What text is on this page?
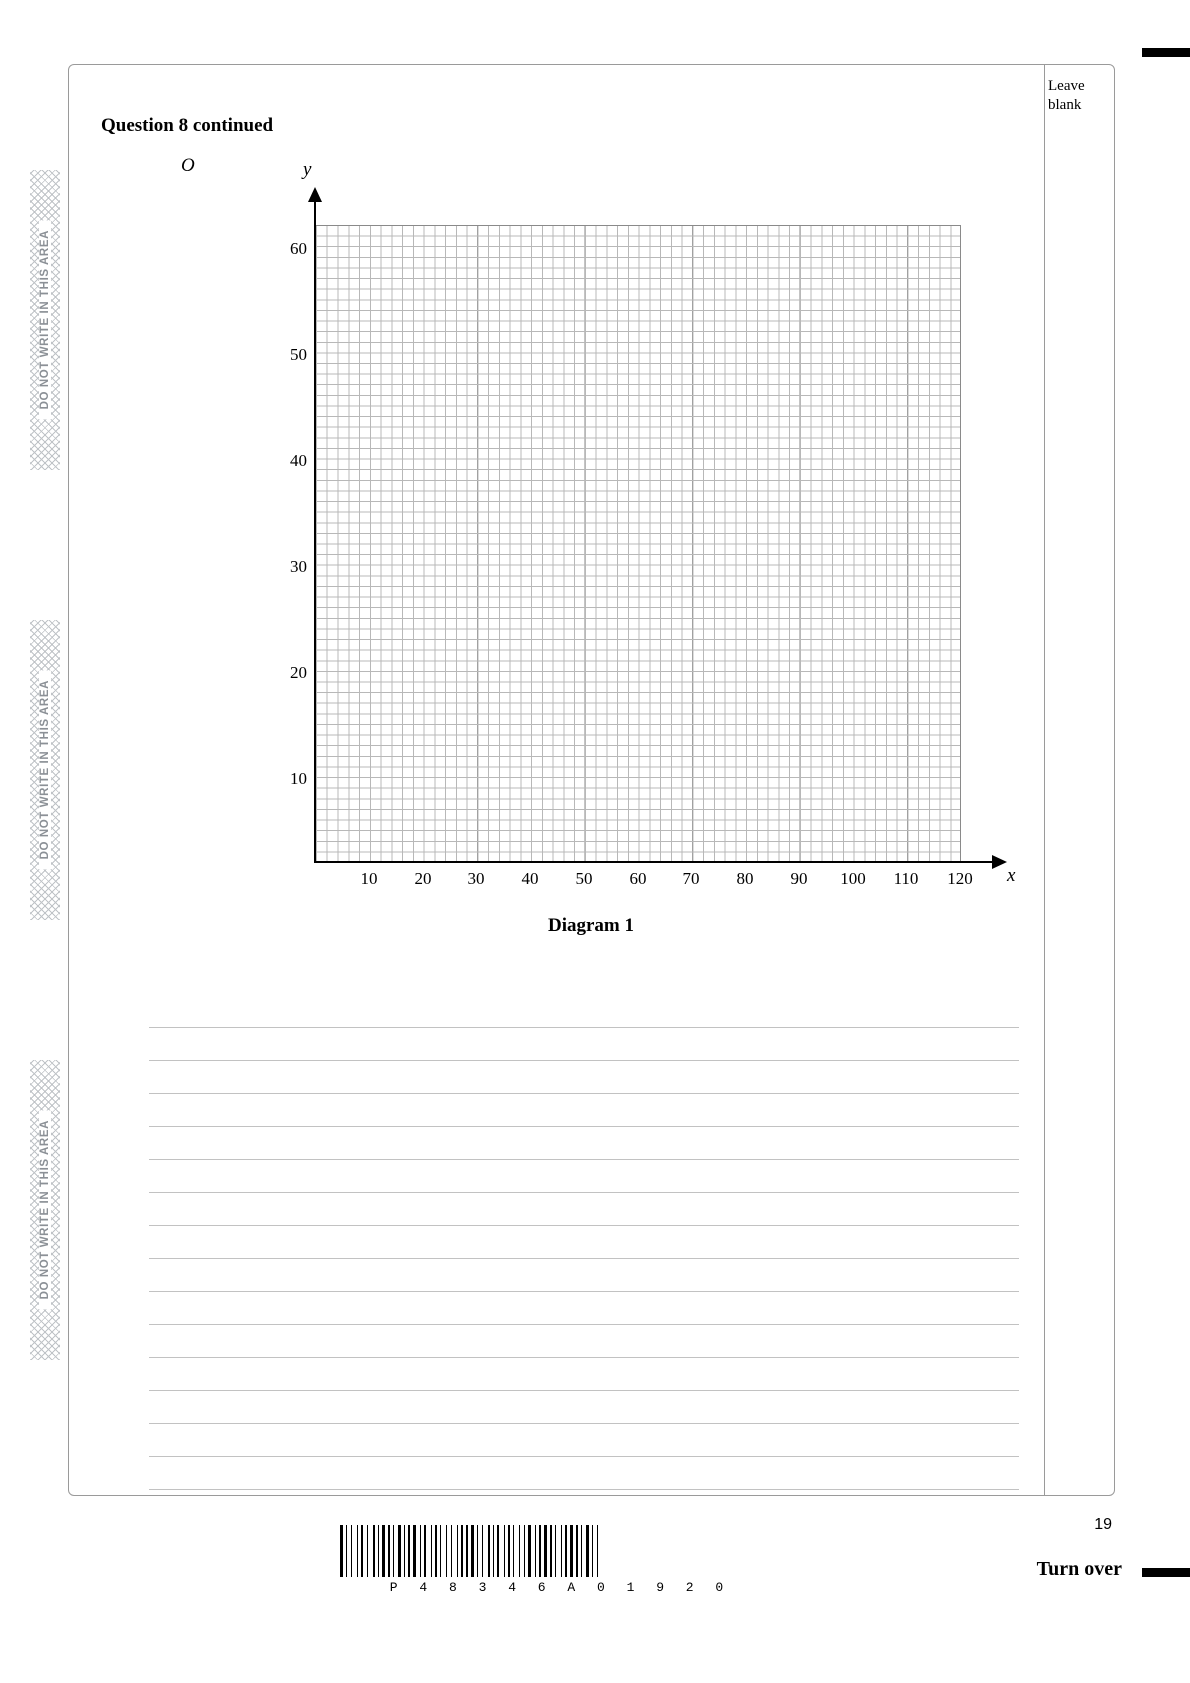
DO NOT WRITE IN THIS AREA
DO NOT WRITE IN THIS AREA
DO NOT WRITE IN THIS AREA
Leave
blank
Question 8 continued
y
x
O
10
20
30
40
50
60
10	20	30	40	50	60	70	80	90	100	110	120
Diagram 1
P 4 8 3 4 6 A 0 1 9 2 0
19
Turn over
